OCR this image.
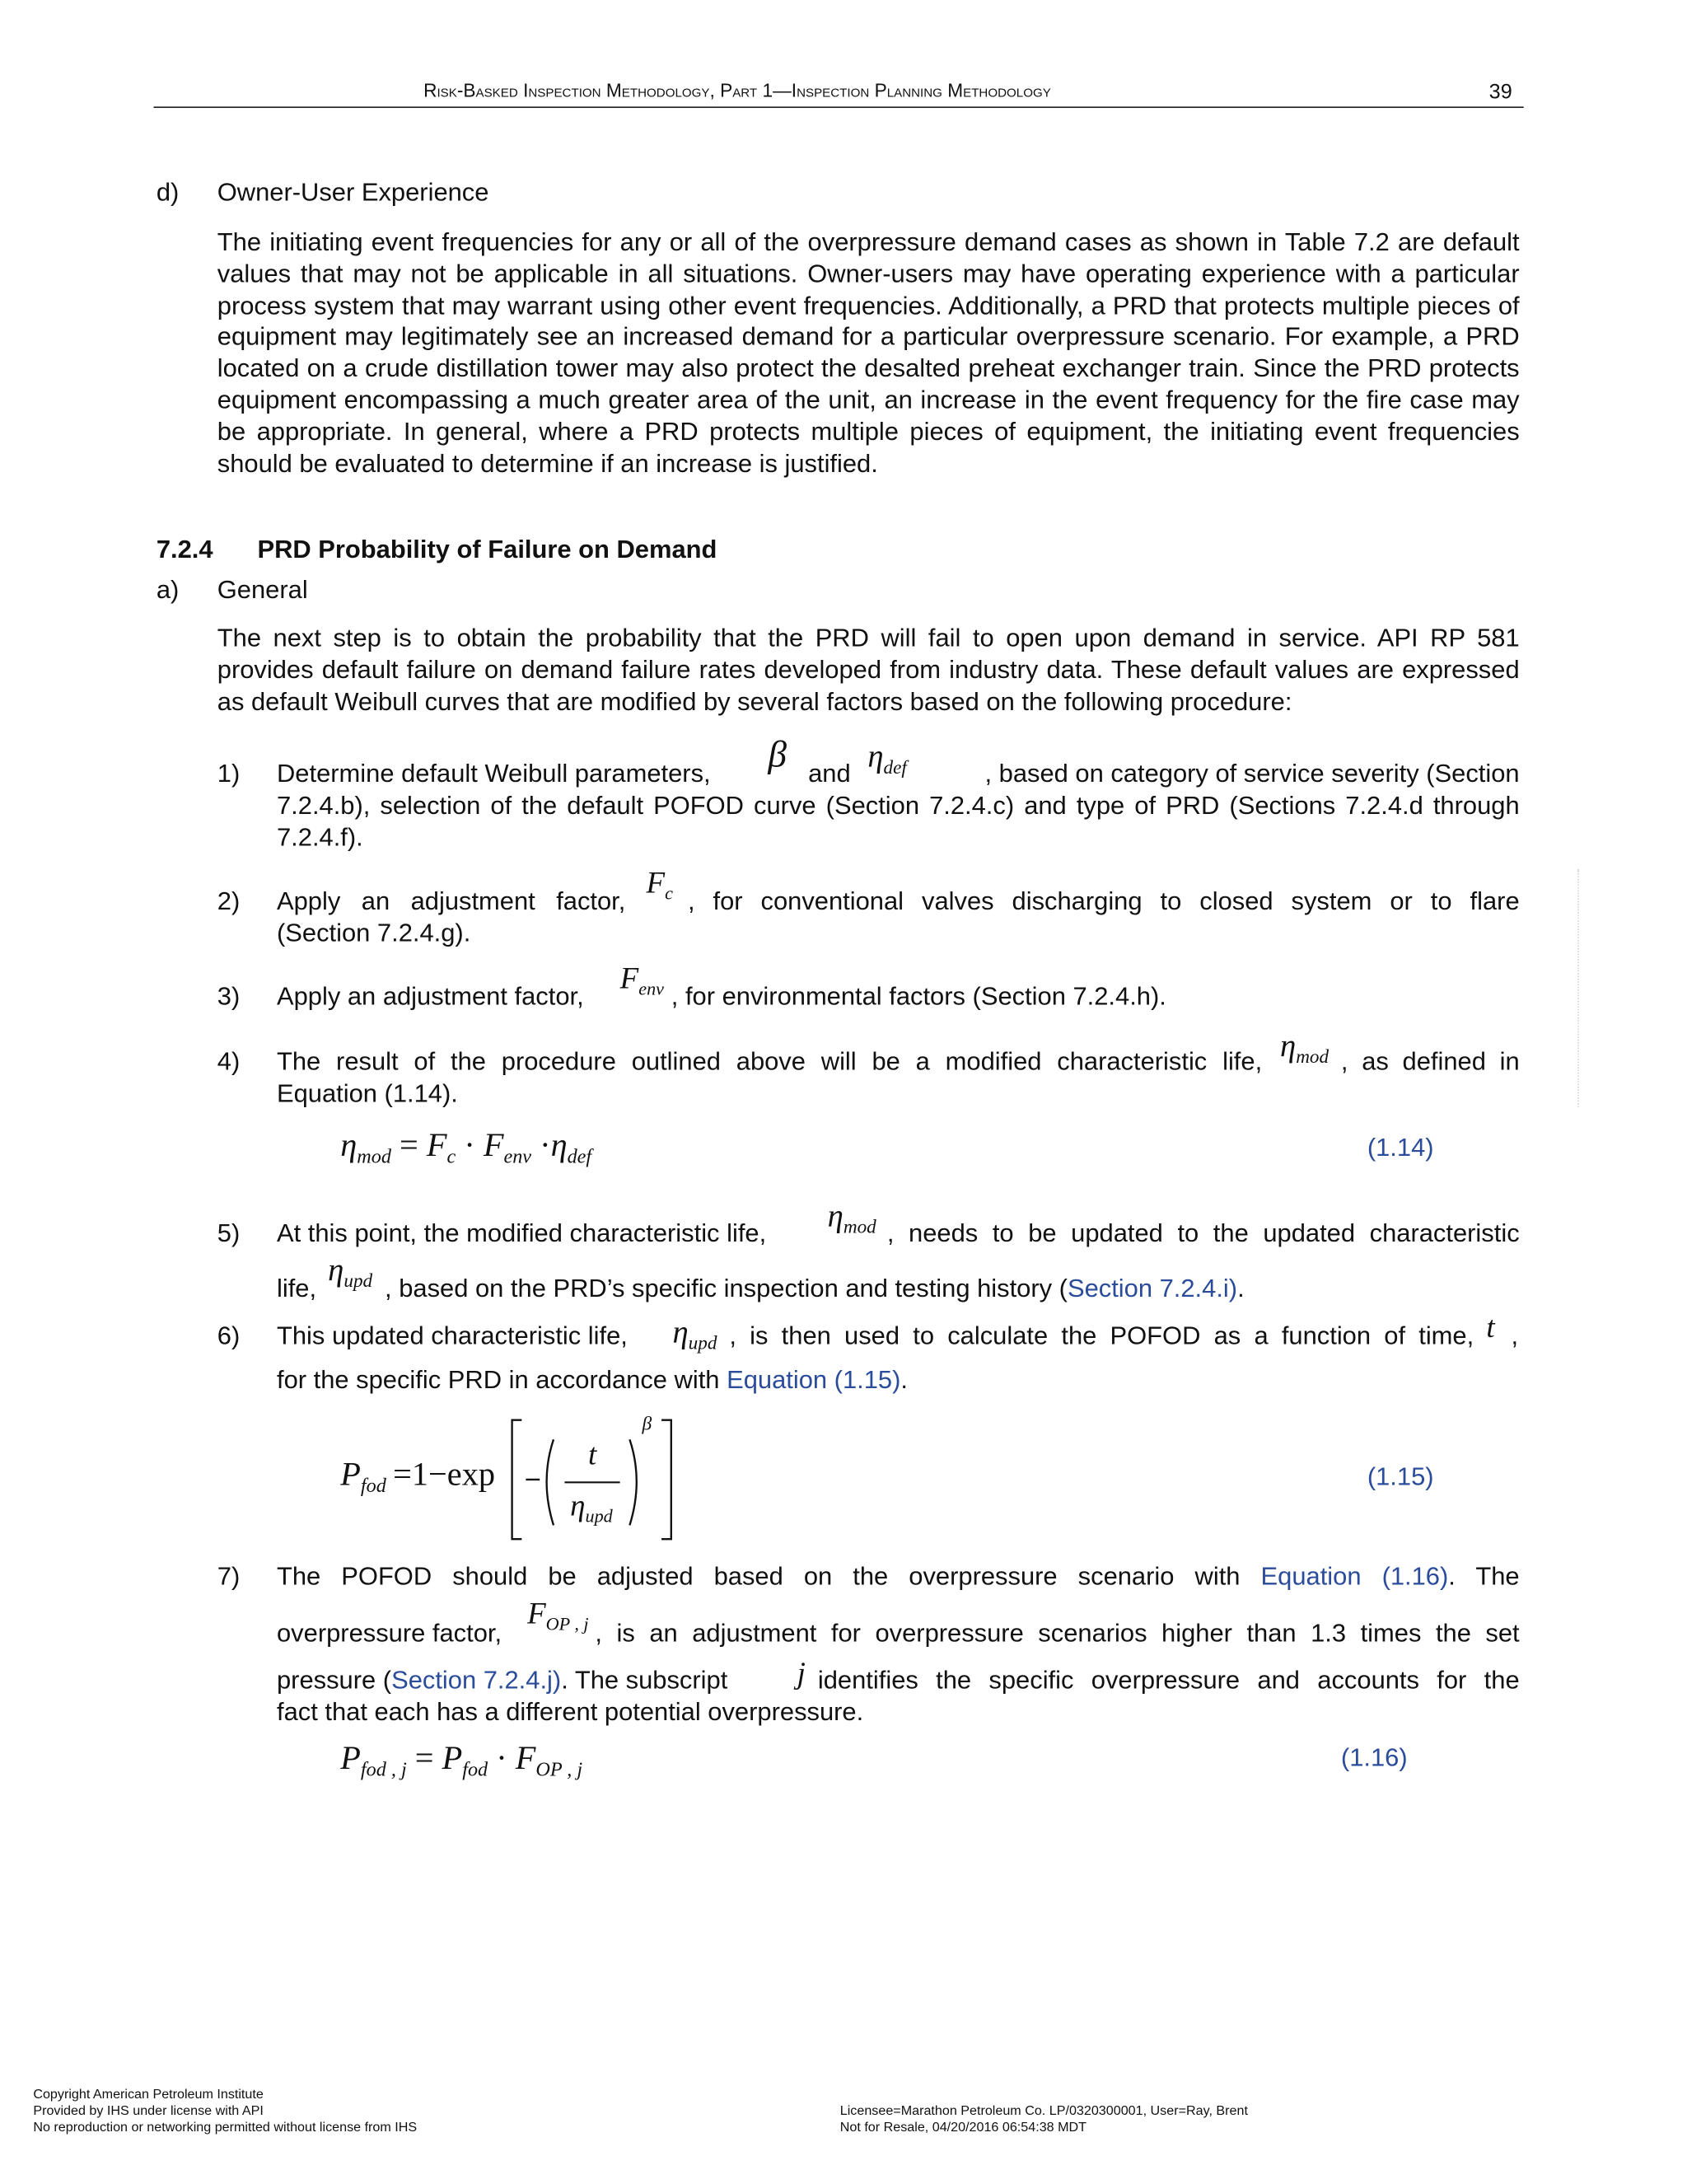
Risk-Basked Inspection Methodology, Part 1—Inspection Planning Methodology	39
d)	Owner-User Experience
The initiating event frequencies for any or all of the overpressure demand cases as shown in Table 7.2 are default values that may not be applicable in all situations. Owner-users may have operating experience with a particular process system that may warrant using other event frequencies. Additionally, a PRD that protects multiple pieces of equipment may legitimately see an increased demand for a particular overpressure scenario. For example, a PRD located on a crude distillation tower may also protect the desalted preheat exchanger train. Since the PRD protects equipment encompassing a much greater area of the unit, an increase in the event frequency for the fire case may be appropriate. In general, where a PRD protects multiple pieces of equipment, the initiating event frequencies should be evaluated to determine if an increase is justified.
7.2.4	PRD Probability of Failure on Demand
a)	General
The next step is to obtain the probability that the PRD will fail to open upon demand in service. API RP 581 provides default failure on demand failure rates developed from industry data. These default values are expressed as default Weibull curves that are modified by several factors based on the following procedure:
1) Determine default Weibull parameters,	β and $\eta_{def}$	, based on category of service severity (Section
7.2.4.b), selection of the default POFOD curve (Section 7.2.4.c) and type of PRD (Sections 7.2.4.d through 7.2.4.f).
2) Apply an adjustment factor,
$F_c$ , for conventional valves discharging to closed system or to flare
(Section 7.2.4.g).
3) Apply an adjustment factor,
$F_{env}$ , for environmental factors (Section 7.2.4.h).
4) The result of the procedure outlined above will be a modified characteristic life, $\eta_{mod}$ , as defined in
Equation (1.14).
$\eta_{mod} = F_c \cdot F_{env} \cdot\eta_{def}$	(1.14)
5) At this point, the modified characteristic life,	$\eta_{mod}$ , needs to be updated to the updated characteristic
life,
$\eta_{upd}$ , based on the PRD’s specific inspection and testing history (Section 7.2.4.i).
6) This updated characteristic life, $\eta_{upd}$ , is then used to calculate the POFOD as a function of time, t ,
for the specific PRD in accordance with Equation (1.15).
$P_{fod} =1-\exp$
t
$\eta_{upd}$
β
(1.15)
7) The POFOD should be adjusted based on the overpressure scenario with Equation (1.16). The
overpressure factor,
$F_{OP , j}$ , is an adjustment for overpressure scenarios higher than 1.3 times the set
pressure (Section 7.2.4.j). The subscript	j identifies the specific overpressure and accounts for the
fact that each has a different potential overpressure.
$P_{fod , j} = P_{fod} \cdot F_{OP , j}$	(1.16)
Copyright American Petroleum Institute
Provided by IHS under license with API
No reproduction or networking permitted without license from IHS
Licensee=Marathon Petroleum Co. LP/0320300001, User=Ray, Brent
Not for Resale, 04/20/2016 06:54:38 MDT
